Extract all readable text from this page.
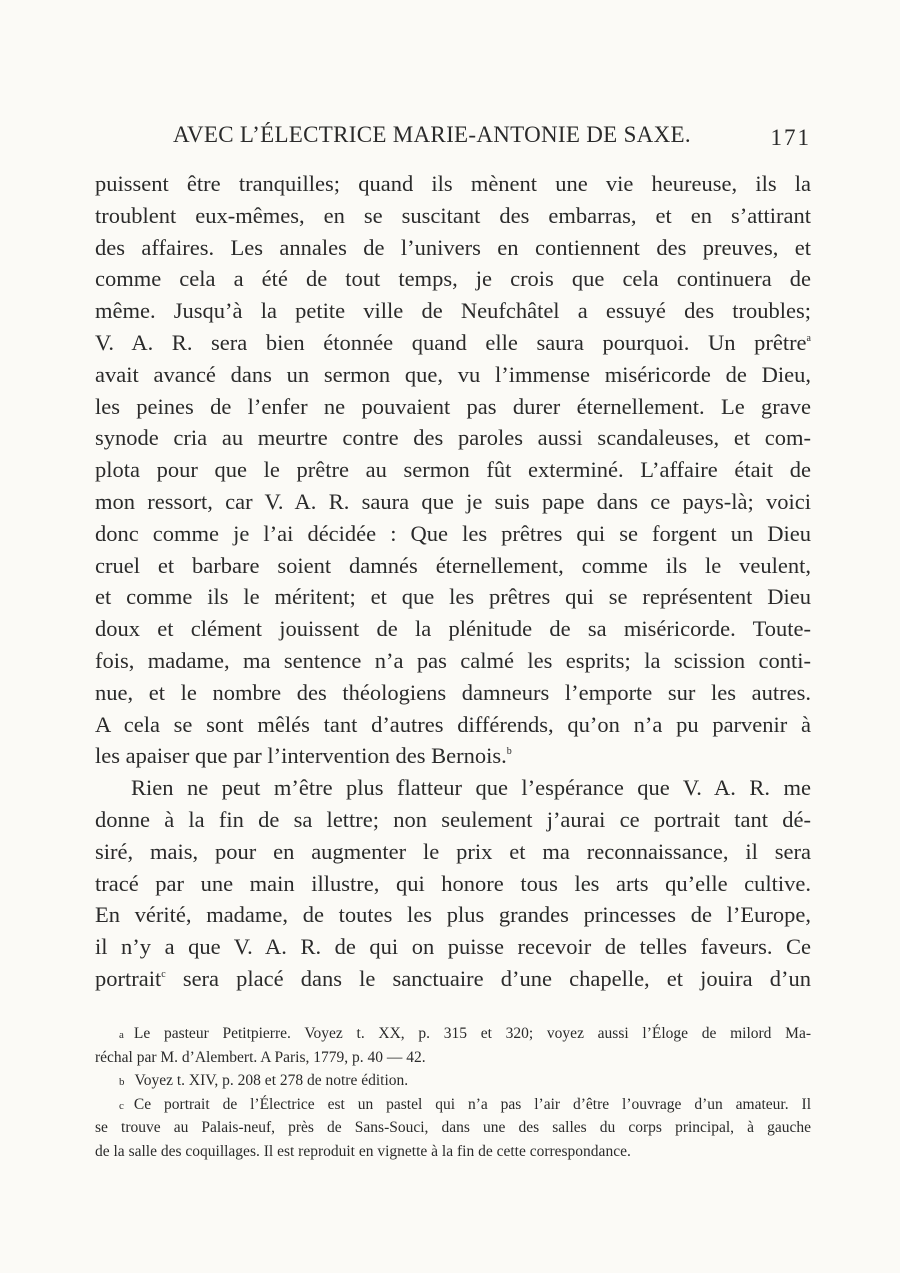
AVEC L’ÉLECTRICE MARIE-ANTONIE DE SAXE.	171
puissent être tranquilles; quand ils mènent une vie heureuse, ils la
troublent eux-mêmes, en se suscitant des embarras, et en s’attirant
des affaires. Les annales de l’univers en contiennent des preuves, et
comme cela a été de tout temps, je crois que cela continuera de
même. Jusqu’à la petite ville de Neufchâtel a essuyé des troubles;
V. A. R. sera bien étonnée quand elle saura pourquoi. Un prêtre$^a$
avait avancé dans un sermon que, vu l’immense miséricorde de Dieu,
les peines de l’enfer ne pouvaient pas durer éternellement. Le grave
synode cria au meurtre contre des paroles aussi scandaleuses, et com-
plota pour que le prêtre au sermon fût exterminé. L’affaire était de
mon ressort, car V. A. R. saura que je suis pape dans ce pays-là; voici
donc comme je l’ai décidée : Que les prêtres qui se forgent un Dieu
cruel et barbare soient damnés éternellement, comme ils le veulent,
et comme ils le méritent; et que les prêtres qui se représentent Dieu
doux et clément jouissent de la plénitude de sa miséricorde. Toute-
fois, madame, ma sentence n’a pas calmé les esprits; la scission conti-
nue, et le nombre des théologiens damneurs l’emporte sur les autres.
A cela se sont mêlés tant d’autres différends, qu’on n’a pu parvenir à
les apaiser que par l’intervention des Bernois.$^b$
Rien ne peut m’être plus flatteur que l’espérance que V. A. R. me
donne à la fin de sa lettre; non seulement j’aurai ce portrait tant dé-
siré, mais, pour en augmenter le prix et ma reconnaissance, il sera
tracé par une main illustre, qui honore tous les arts qu’elle cultive.
En vérité, madame, de toutes les plus grandes princesses de l’Europe,
il n’y a que V. A. R. de qui on puisse recevoir de telles faveurs. Ce
portrait$^c$ sera placé dans le sanctuaire d’une chapelle, et jouira d’un
a Le pasteur Petitpierre. Voyez t. XX, p. 315 et 320; voyez aussi l’Éloge de milord Ma-
réchal par M. d’Alembert. A Paris, 1779, p. 40 — 42.
b Voyez t. XIV, p. 208 et 278 de notre édition.
c Ce portrait de l’Électrice est un pastel qui n’a pas l’air d’être l’ouvrage d’un amateur. Il
se trouve au Palais-neuf, près de Sans-Souci, dans une des salles du corps principal, à gauche
de la salle des coquillages. Il est reproduit en vignette à la fin de cette correspondance.
